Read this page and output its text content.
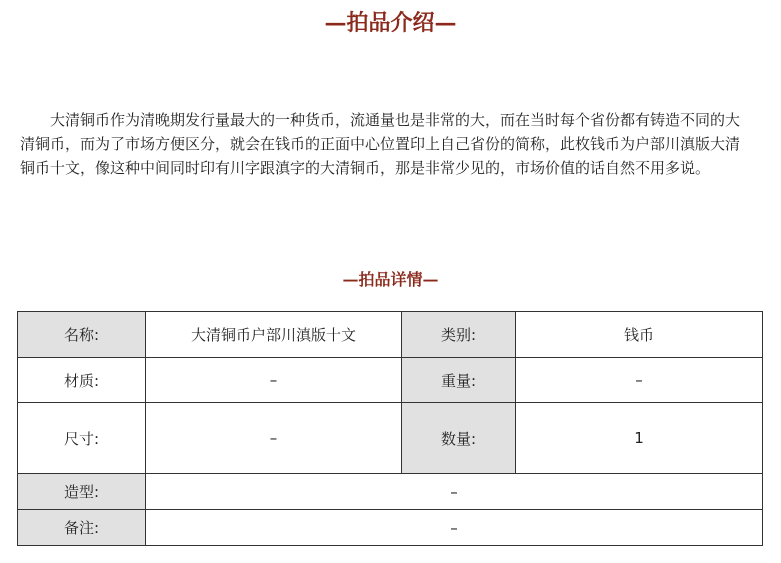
—拍品介绍—

大清铜币作为清晚期发行量最大的一种货币，流通量也是非常的大，而在当时每个省份都有铸造不同的大清铜币，而为了市场方便区分，就会在钱币的正面中心位置印上自己省份的简称，此枚钱币为户部川滇版大清铜币十文，像这种中间同时印有川字跟滇字的大清铜币，那是非常少见的，市场价值的话自然不用多说。

—拍品详情—
名称:	大清铜币户部川滇版十文	类别:	钱币
材质:	–	重量:	–
尺寸:	–	数量:	1
造型:	–		
备注:	–		
